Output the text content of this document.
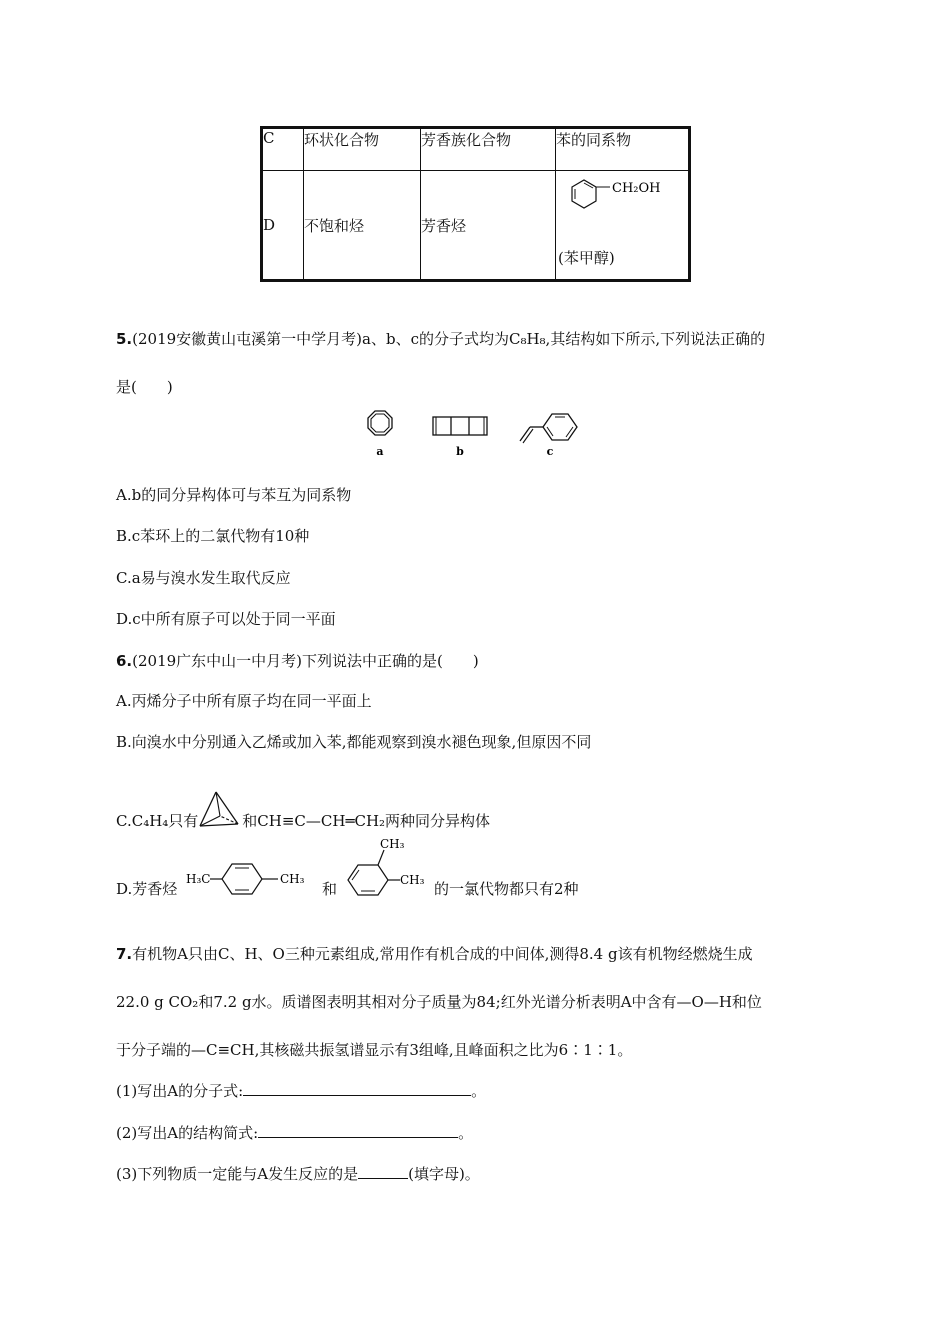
C	环状化合物	芳香族化合物	苯的同系物
D	不饱和烃	芳香烃	CH₂OH
(苯甲醇)
5.(2019安徽黄山屯溪第一中学月考)a、b、c的分子式均为C₈H₈,其结构如下所示,下列说法正确的
是(　　)
a	b	c
A.b的同分异构体可与苯互为同系物
B.c苯环上的二氯代物有10种
C.a易与溴水发生取代反应
D.c中所有原子可以处于同一平面
6.(2019广东中山一中月考)下列说法中正确的是(　　)
A.丙烯分子中所有原子均在同一平面上
B.向溴水中分别通入乙烯或加入苯,都能观察到溴水褪色现象,但原因不同
C.C₄H₄只有	和CH≡C—CH═CH₂两种同分异构体
D.芳香烃
H₃C	CH₃
和
CH₃
CH₃ 的一氯代物都只有2种
7.有机物A只由C、H、O三种元素组成,常用作有机合成的中间体,测得8.4 g该有机物经燃烧生成
22.0 g CO₂和7.2 g水。质谱图表明其相对分子质量为84;红外光谱分析表明A中含有—O—H和位
于分子端的—C≡CH,其核磁共振氢谱显示有3组峰,且峰面积之比为6∶1∶1。
(1)写出A的分子式:	。
(2)写出A的结构简式:	。
(3)下列物质一定能与A发生反应的是	(填字母)。
